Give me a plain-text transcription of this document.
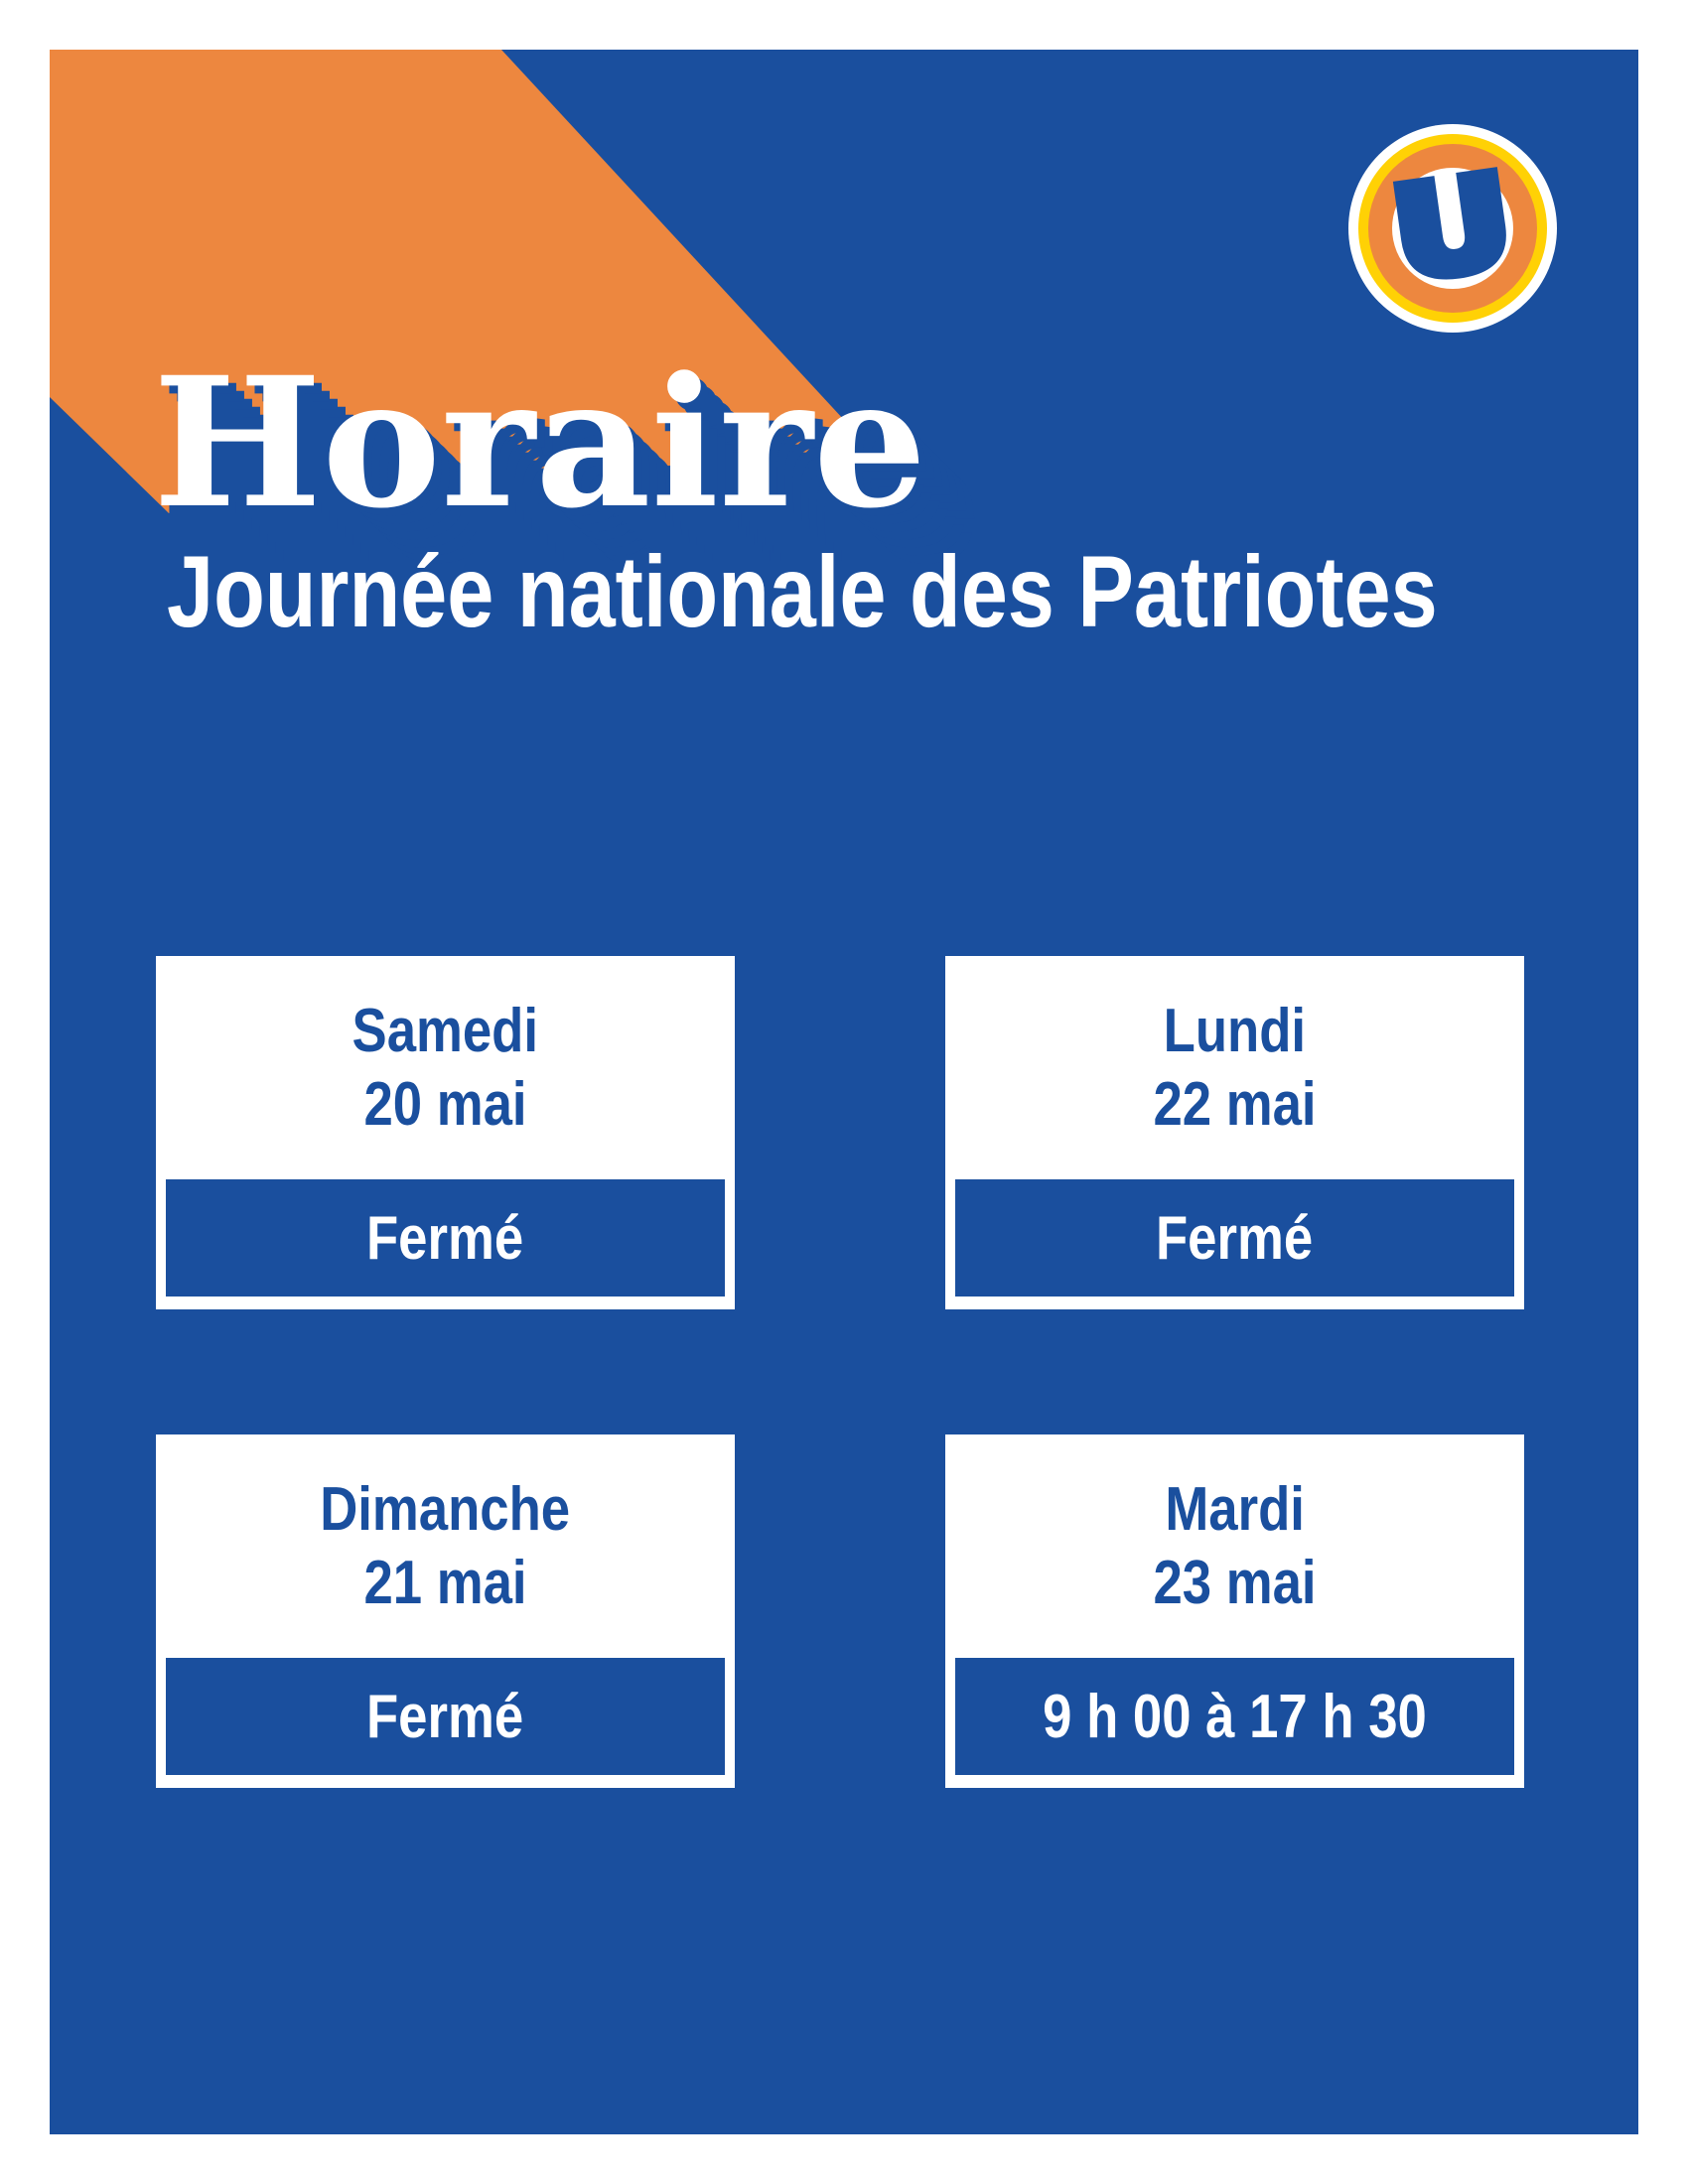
Horaire
Journée nationale des Patriotes
Samedi
20 mai
Fermé
Lundi
22 mai
Fermé
Dimanche
21 mai
Fermé
Mardi
23 mai
9 h 00 à 17 h 30
